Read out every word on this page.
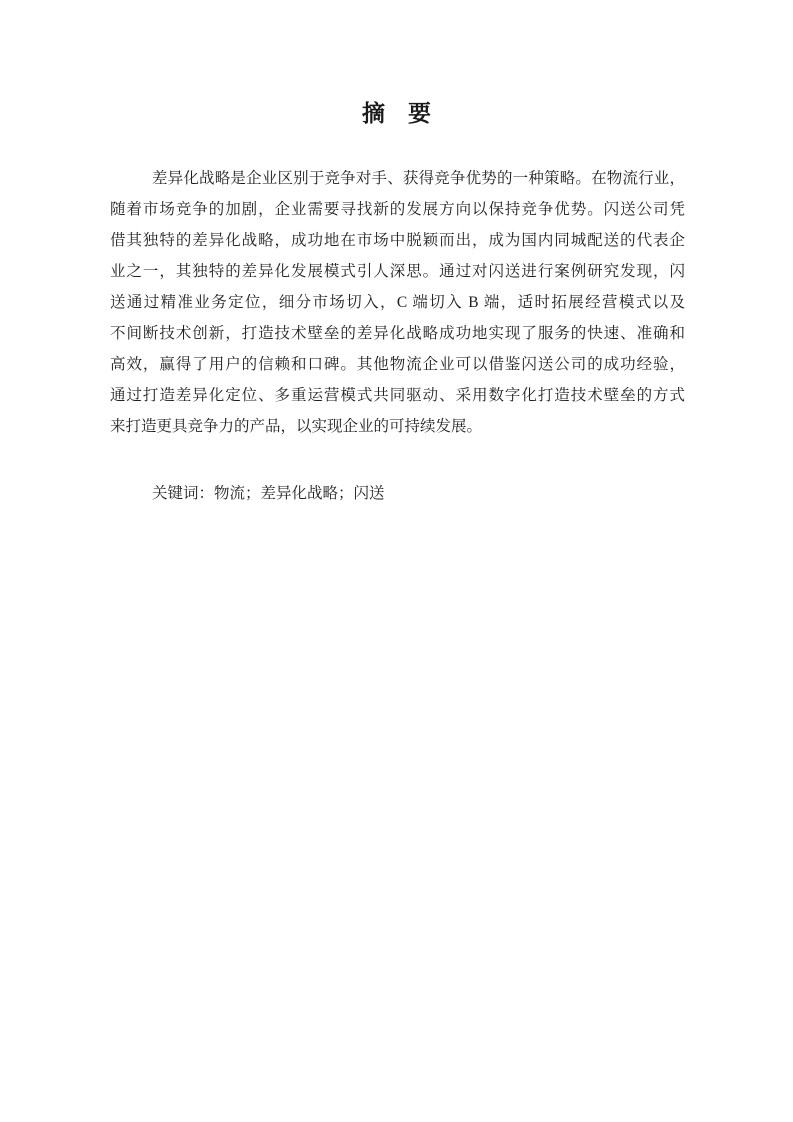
摘　要
差异化战略是企业区别于竞争对手、获得竞争优势的一种策略。在物流行业，
随着市场竞争的加剧，企业需要寻找新的发展方向以保持竞争优势。闪送公司凭
借其独特的差异化战略，成功地在市场中脱颖而出，成为国内同城配送的代表企
业之一，其独特的差异化发展模式引人深思。通过对闪送进行案例研究发现，闪
送通过精准业务定位，细分市场切入，C 端切入 B 端，适时拓展经营模式以及
不间断技术创新，打造技术壁垒的差异化战略成功地实现了服务的快速、准确和
高效，赢得了用户的信赖和口碑。其他物流企业可以借鉴闪送公司的成功经验，
通过打造差异化定位、多重运营模式共同驱动、采用数字化打造技术壁垒的方式
来打造更具竞争力的产品，以实现企业的可持续发展。
关键词：物流；差异化战略；闪送
